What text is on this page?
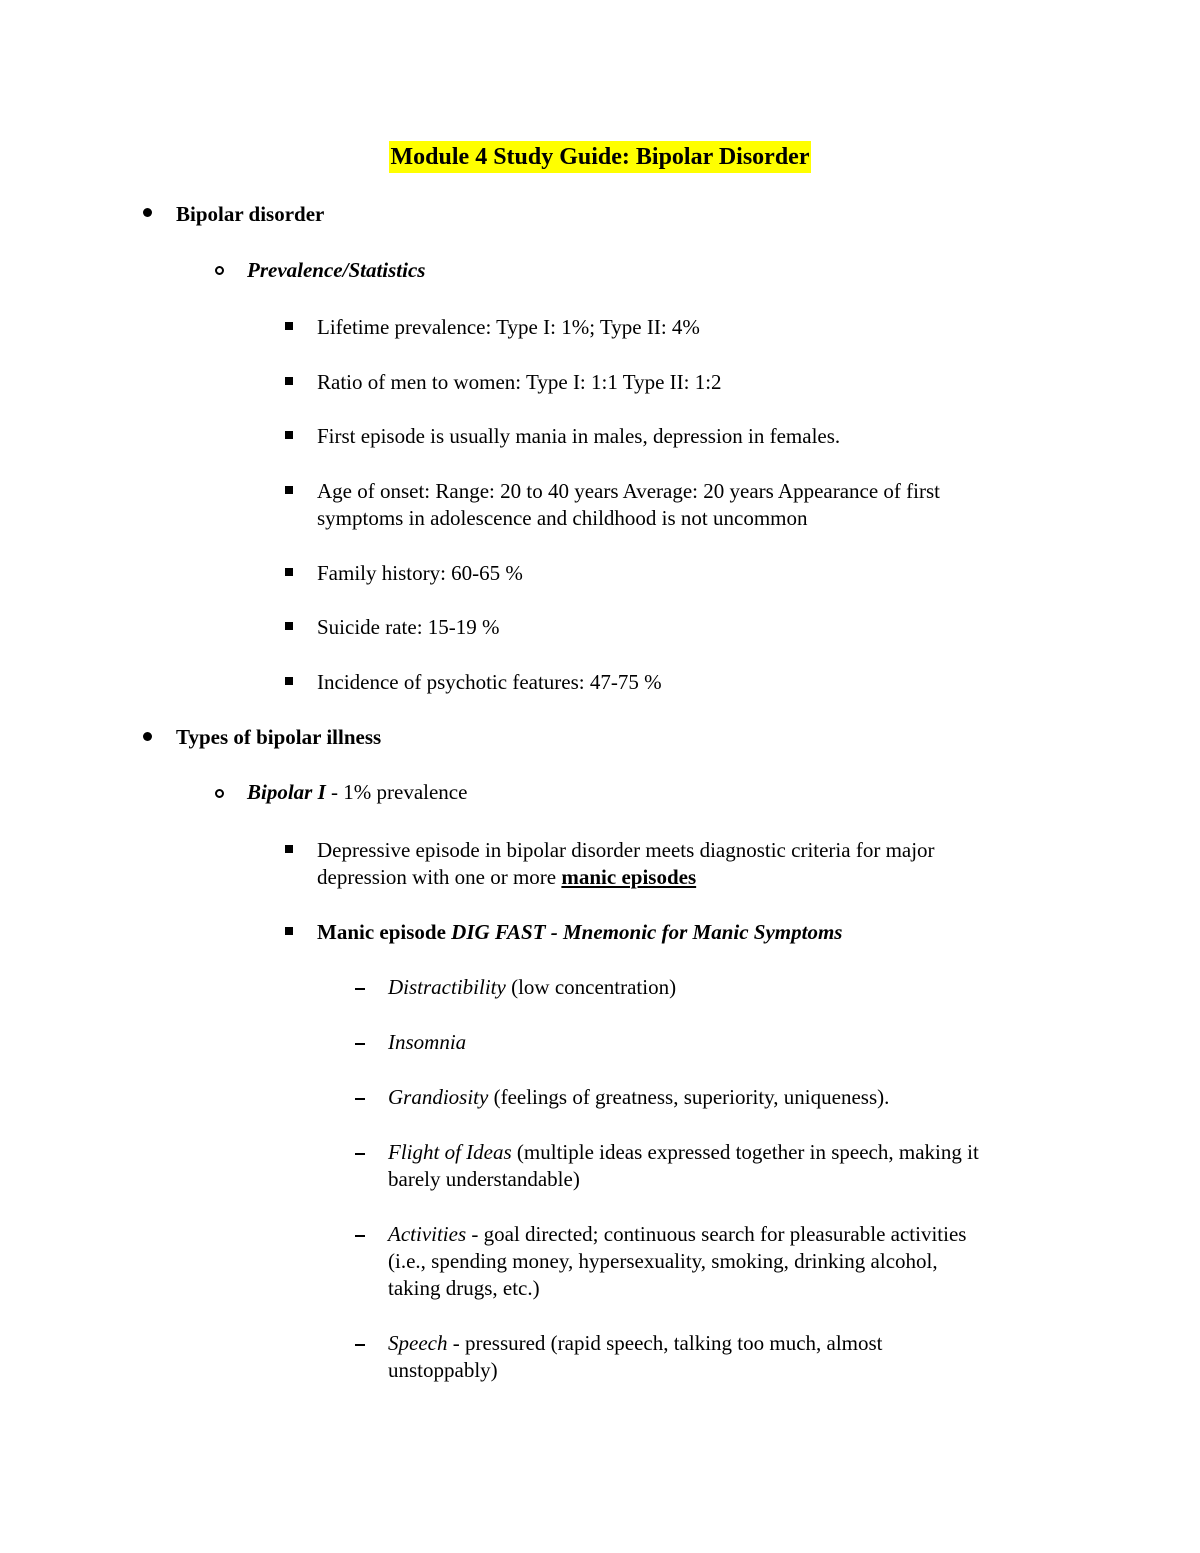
Module 4 Study Guide: Bipolar Disorder
Bipolar disorder
Prevalence/Statistics
Lifetime prevalence: Type I: 1%; Type II: 4%
Ratio of men to women: Type I: 1:1 Type II: 1:2
First episode is usually mania in males, depression in females.
Age of onset: Range: 20 to 40 years Average: 20 years Appearance of first
symptoms in adolescence and childhood is not uncommon
Family history: 60-65 %
Suicide rate: 15-19 %
Incidence of psychotic features: 47-75 %
Types of bipolar illness
Bipolar I - 1% prevalence
Depressive episode in bipolar disorder meets diagnostic criteria for major
depression with one or more manic episodes
Manic episode DIG FAST - Mnemonic for Manic Symptoms
Distractibility (low concentration)
Insomnia
Grandiosity (feelings of greatness, superiority, uniqueness).
Flight of Ideas (multiple ideas expressed together in speech, making it
barely understandable)
Activities - goal directed; continuous search for pleasurable activities
(i.e., spending money, hypersexuality, smoking, drinking alcohol,
taking drugs, etc.)
Speech - pressured (rapid speech, talking too much, almost
unstoppably)
